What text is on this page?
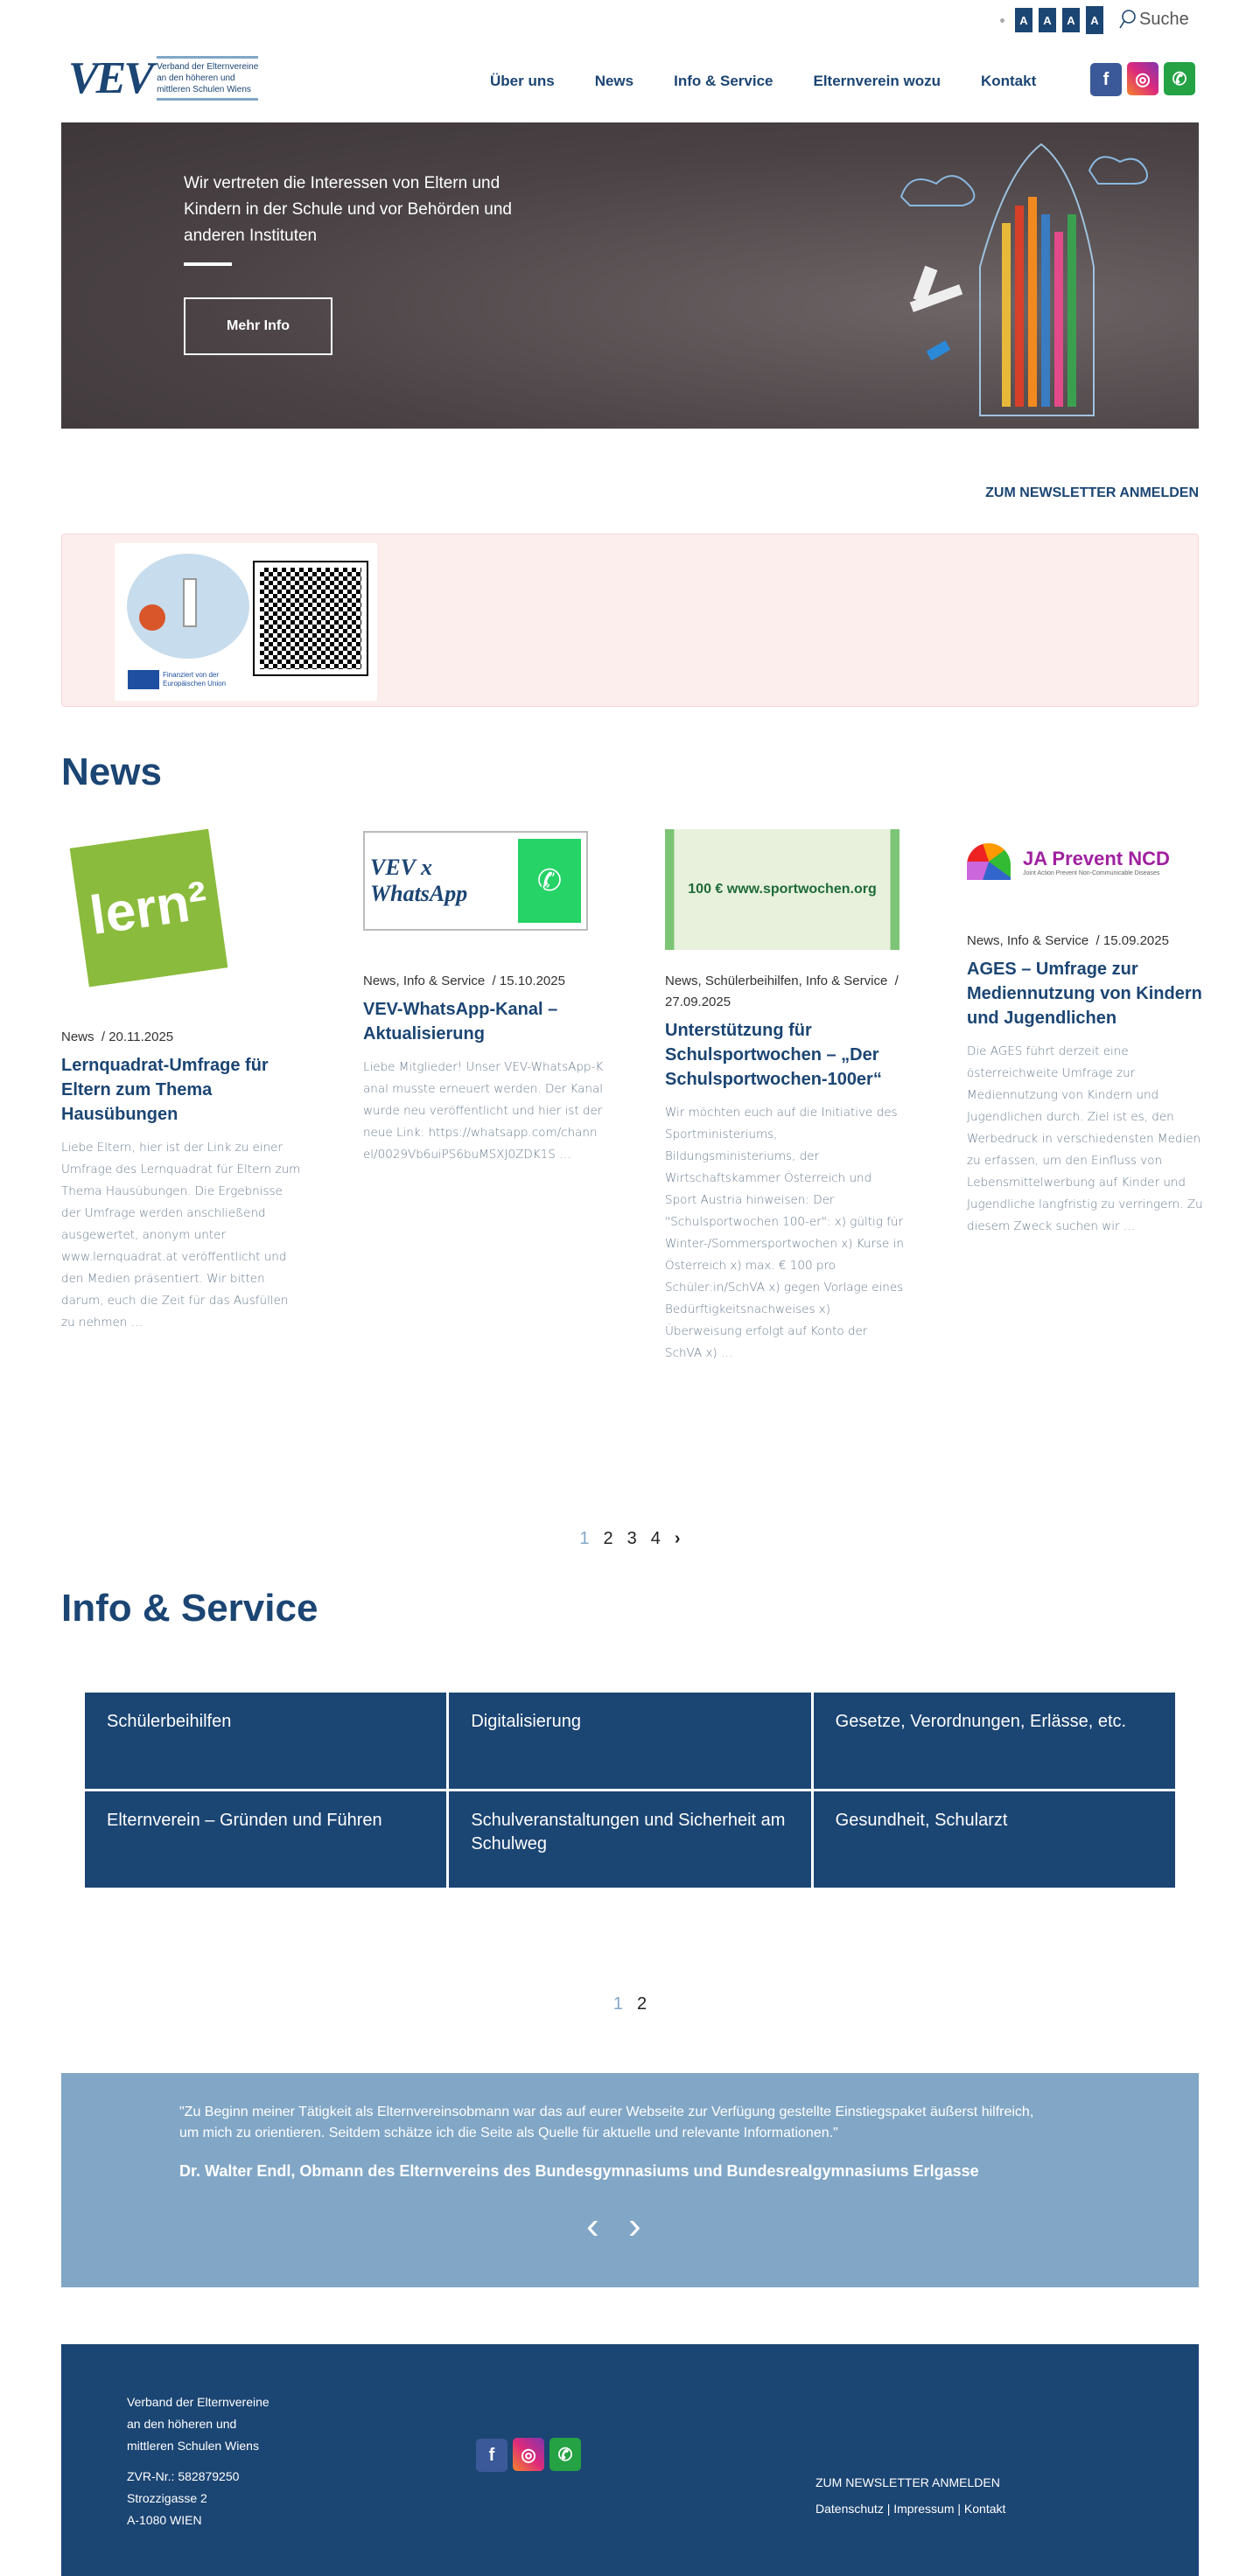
A	A	A	A Suche
VEV Verband der Elternvereine
an den höheren und
mittleren Schulen Wiens
Über uns	News	Info & Service	Elternverein wozu	Kontakt	f ◎ ✆
Wir vertreten die Interessen von Eltern und Kindern in der Schule und vor Behörden und anderen Instituten
Mehr Info
ZUM NEWSLETTER ANMELDEN
Finanziert von der Europäischen Union
News
lern²
News  / 20.11.2025
Lernquadrat-Umfrage für Eltern zum Thema Hausübungen
Liebe Eltern, hier ist der Link zu einer Umfrage des Lernquadrat für Eltern zum Thema Hausübungen. Die Ergebnisse der Umfrage werden anschließend ausgewertet, anonym unter www.lernquadrat.at veröffentlicht und den Medien präsentiert. Wir bitten darum, euch die Zeit für das Ausfüllen zu nehmen …
VEV x WhatsApp	✆
News, Info & Service  / 15.10.2025
VEV-WhatsApp-Kanal – Aktualisierung
Liebe Mitglieder! Unser VEV-WhatsApp-Kanal musste erneuert werden. Der Kanal wurde neu veröffentlicht und hier ist der neue Link: https://whatsapp.com/channel/0029Vb6uiPS6buMSXJ0ZDK1S …
100 € www.sportwochen.org
News, Schülerbeihilfen, Info & Service  / 27.09.2025
Unterstützung für Schulsportwochen – „Der Schulsportwochen-100er“
Wir möchten euch auf die Initiative des Sportministeriums, Bildungsministeriums, der Wirtschaftskammer Österreich und Sport Austria hinweisen: Der "Schulsportwochen 100-er": x) gültig für Winter-/Sommersportwochen x) Kurse in Österreich x) max. € 100 pro Schüler:in/SchVA x) gegen Vorlage eines Bedürftigkeitsnachweises x) Überweisung erfolgt auf Konto der SchVA x) …
JA Prevent NCD
Joint Action Prevent Non-Communicable Diseases
News, Info & Service  / 15.09.2025
AGES – Umfrage zur Mediennutzung von Kindern und Jugendlichen
Die AGES führt derzeit eine österreichweite Umfrage zur Mediennutzung von Kindern und Jugendlichen durch. Ziel ist es, den Werbedruck in verschiedensten Medien zu erfassen, um den Einfluss von Lebensmittelwerbung auf Kinder und Jugendliche langfristig zu verringern. Zu diesem Zweck suchen wir …
1 2 3 4 ›
Info & Service
Schülerbeihilfen	Digitalisierung	Gesetze, Verordnungen, Erlässe, etc.
Elternverein – Gründen und Führen	Schulveranstaltungen und Sicherheit am Schulweg
Gesundheit, Schularzt
1 2
"Zu Beginn meiner Tätigkeit als Elternvereinsobmann war das auf eurer Webseite zur Verfügung gestellte Einstiegspaket äußerst hilfreich, um mich zu orientieren. Seitdem schätze ich die Seite als Quelle für aktuelle und relevante Informationen."
Dr. Walter Endl, Obmann des Elternvereins des Bundesgymnasiums und Bundesrealgymnasiums Erlgasse
‹ ›
Verband der Elternvereine
an den höheren und
mittleren Schulen Wiens
ZVR-Nr.: 582879250
Strozzigasse 2
A-1080 WIEN
f ◎ ✆
ZUM NEWSLETTER ANMELDEN
Datenschutz | Impressum | Kontakt
